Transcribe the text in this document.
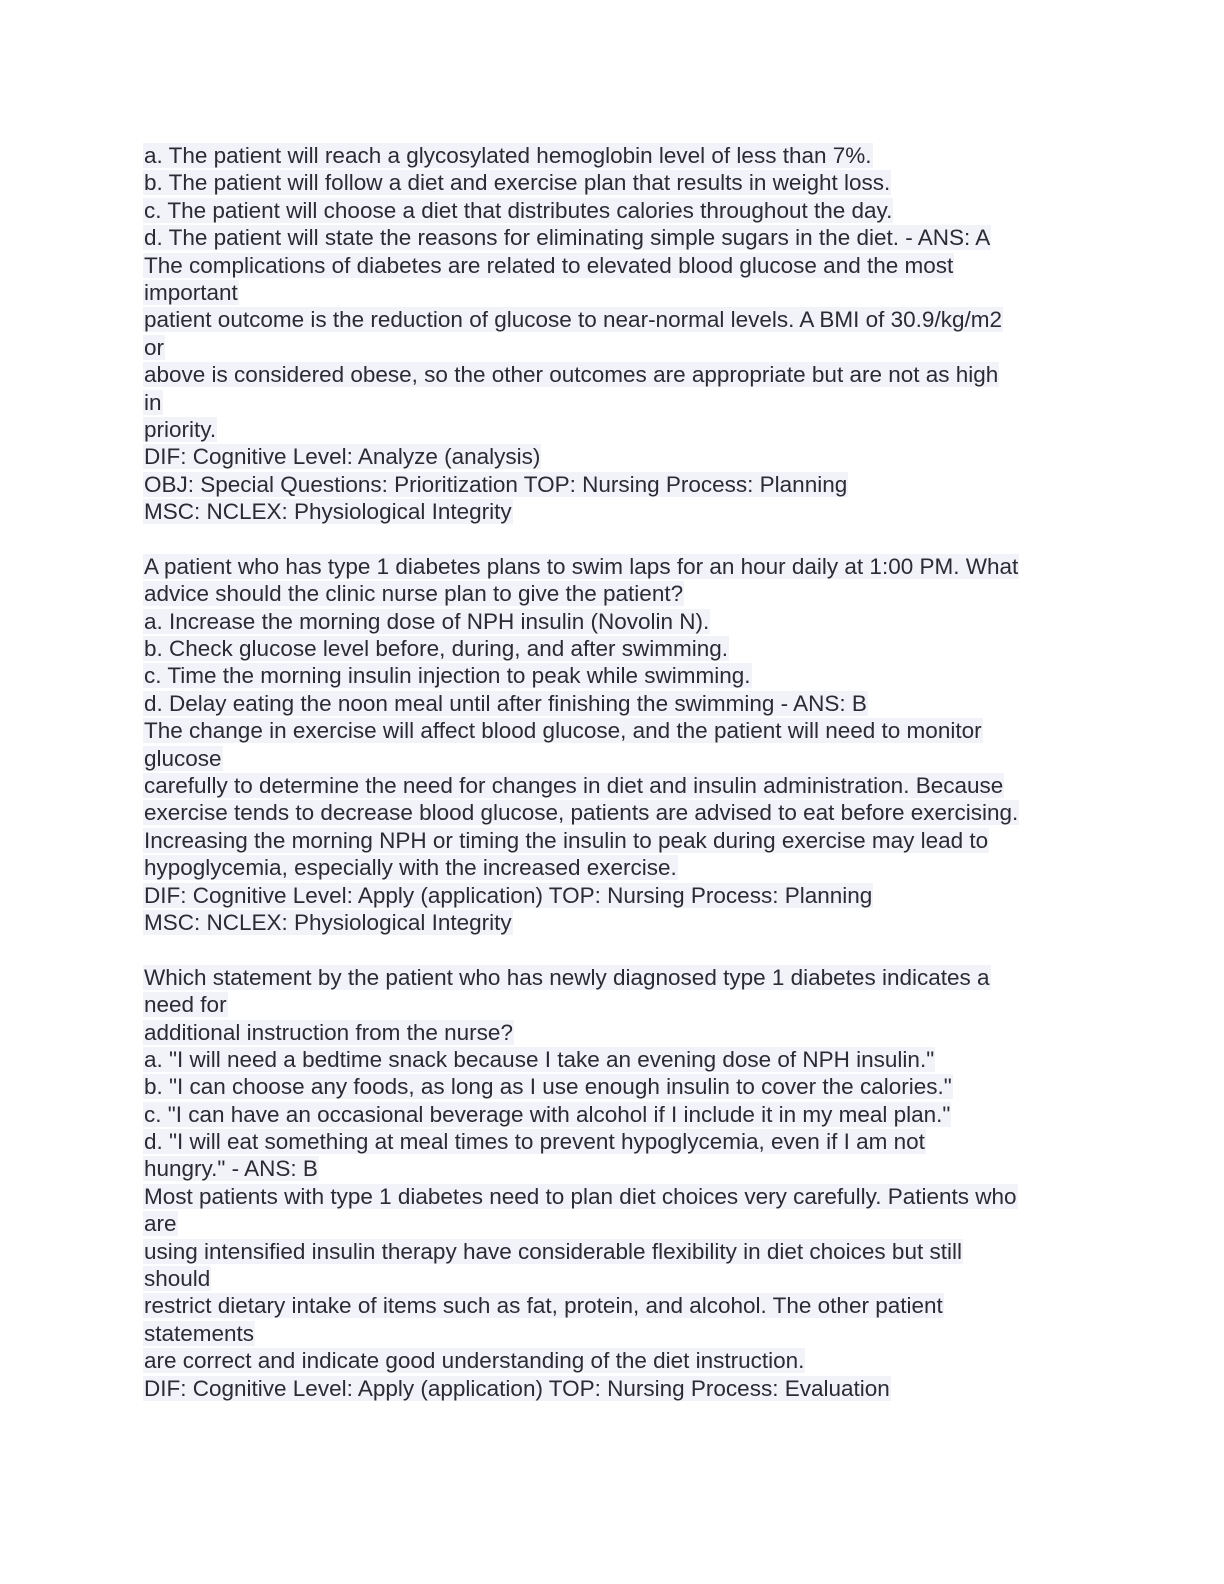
a. The patient will reach a glycosylated hemoglobin level of less than 7%.
b. The patient will follow a diet and exercise plan that results in weight loss.
c. The patient will choose a diet that distributes calories throughout the day.
d. The patient will state the reasons for eliminating simple sugars in the diet. - ANS: A
The complications of diabetes are related to elevated blood glucose and the most
important
patient outcome is the reduction of glucose to near-normal levels. A BMI of 30.9/kg/m2
or
above is considered obese, so the other outcomes are appropriate but are not as high
in
priority.
DIF: Cognitive Level: Analyze (analysis)
OBJ: Special Questions: Prioritization TOP: Nursing Process: Planning
MSC: NCLEX: Physiological Integrity
A patient who has type 1 diabetes plans to swim laps for an hour daily at 1:00 PM. What
advice should the clinic nurse plan to give the patient?
a. Increase the morning dose of NPH insulin (Novolin N).
b. Check glucose level before, during, and after swimming.
c. Time the morning insulin injection to peak while swimming.
d. Delay eating the noon meal until after finishing the swimming - ANS: B
The change in exercise will affect blood glucose, and the patient will need to monitor
glucose
carefully to determine the need for changes in diet and insulin administration. Because
exercise tends to decrease blood glucose, patients are advised to eat before exercising.
Increasing the morning NPH or timing the insulin to peak during exercise may lead to
hypoglycemia, especially with the increased exercise.
DIF: Cognitive Level: Apply (application) TOP: Nursing Process: Planning
MSC: NCLEX: Physiological Integrity
Which statement by the patient who has newly diagnosed type 1 diabetes indicates a
need for
additional instruction from the nurse?
a. "I will need a bedtime snack because I take an evening dose of NPH insulin."
b. "I can choose any foods, as long as I use enough insulin to cover the calories."
c. "I can have an occasional beverage with alcohol if I include it in my meal plan."
d. "I will eat something at meal times to prevent hypoglycemia, even if I am not
hungry." - ANS: B
Most patients with type 1 diabetes need to plan diet choices very carefully. Patients who
are
using intensified insulin therapy have considerable flexibility in diet choices but still
should
restrict dietary intake of items such as fat, protein, and alcohol. The other patient
statements
are correct and indicate good understanding of the diet instruction.
DIF: Cognitive Level: Apply (application) TOP: Nursing Process: Evaluation
